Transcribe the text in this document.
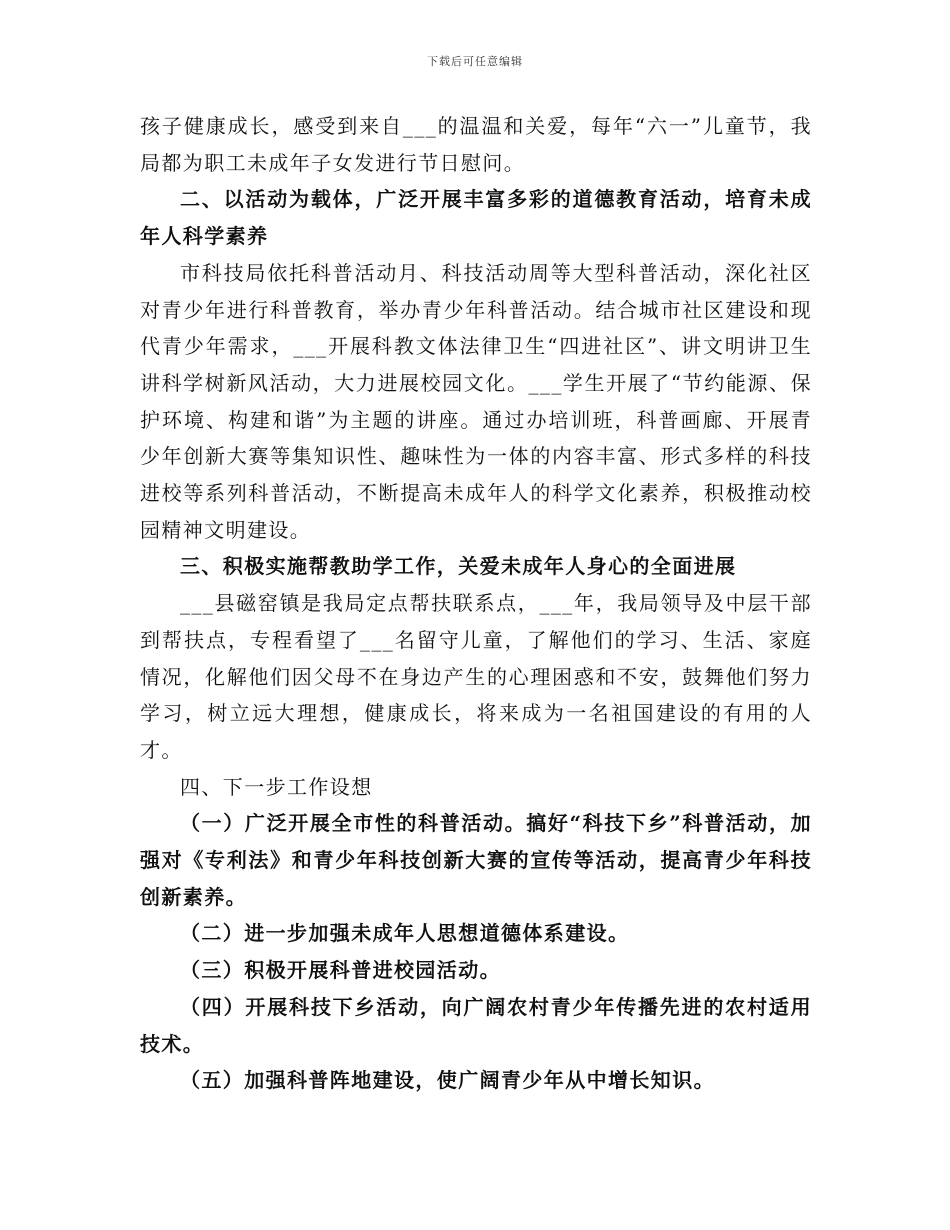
下载后可任意编辑

孩子健康成长，感受到来自___的温温和关爱，每年“六一”儿童节，我局都为职工未成年子女发进行节日慰问。

二、以活动为载体，广泛开展丰富多彩的道德教育活动，培育未成年人科学素养

市科技局依托科普活动月、科技活动周等大型科普活动，深化社区对青少年进行科普教育，举办青少年科普活动。结合城市社区建设和现代青少年需求，___开展科教文体法律卫生“四进社区”、讲文明讲卫生讲科学树新风活动，大力进展校园文化。___学生开展了“节约能源、保护环境、构建和谐”为主题的讲座。通过办培训班，科普画廊、开展青少年创新大赛等集知识性、趣味性为一体的内容丰富、形式多样的科技进校等系列科普活动，不断提高未成年人的科学文化素养，积极推动校园精神文明建设。

三、积极实施帮教助学工作，关爱未成年人身心的全面进展

___县磁窑镇是我局定点帮扶联系点，___年，我局领导及中层干部到帮扶点，专程看望了___名留守儿童，了解他们的学习、生活、家庭情况，化解他们因父母不在身边产生的心理困惑和不安，鼓舞他们努力学习，树立远大理想，健康成长，将来成为一名祖国建设的有用的人才。

四、下一步工作设想

（一）广泛开展全市性的科普活动。搞好“科技下乡”科普活动，加强对《专利法》和青少年科技创新大赛的宣传等活动，提高青少年科技创新素养。

（二）进一步加强未成年人思想道德体系建设。

（三）积极开展科普进校园活动。

（四）开展科技下乡活动，向广阔农村青少年传播先进的农村适用技术。

（五）加强科普阵地建设，使广阔青少年从中增长知识。
